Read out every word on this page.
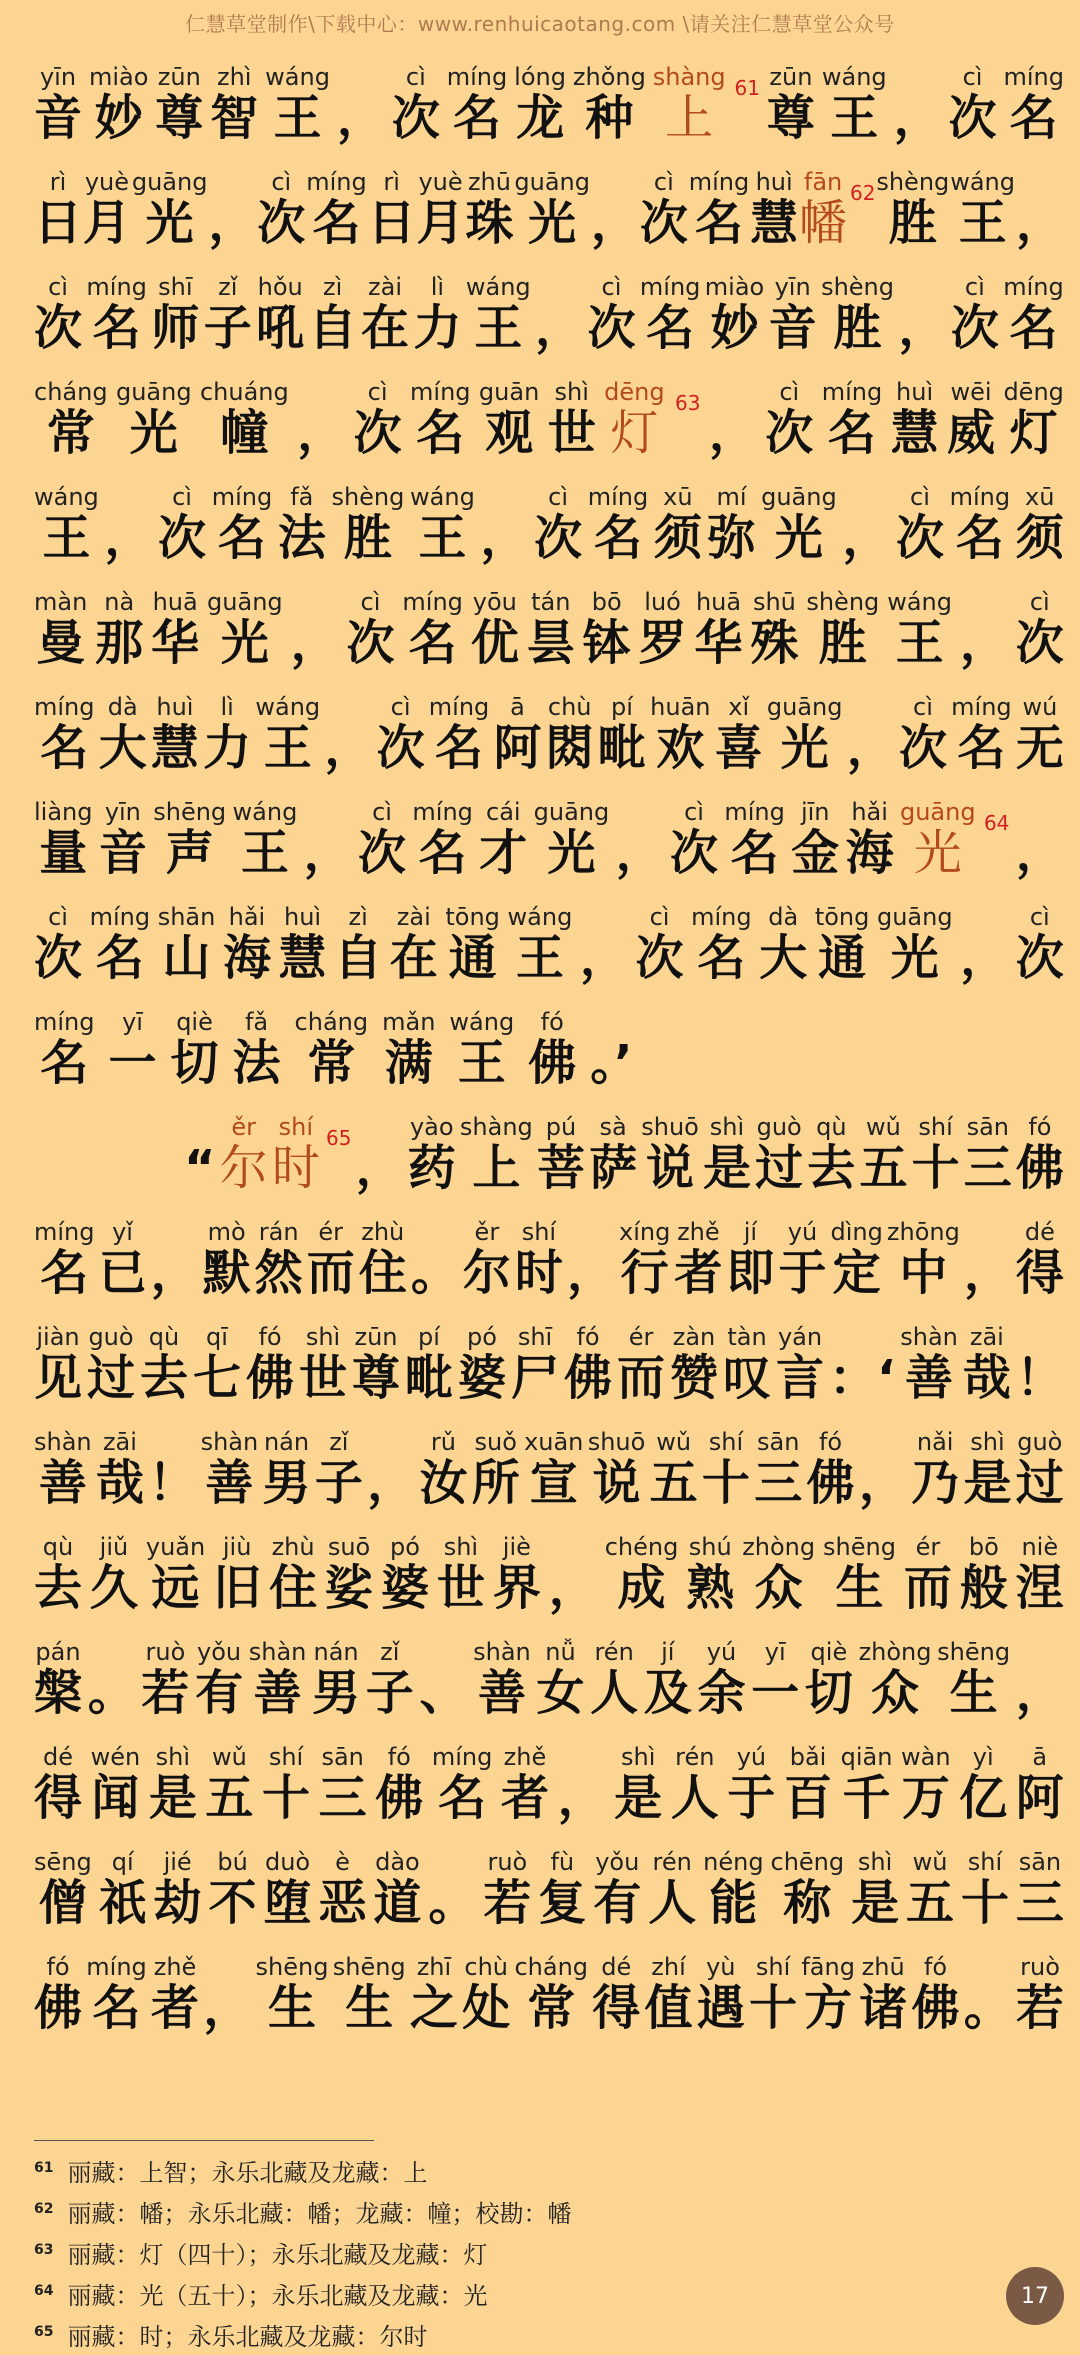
仁慧草堂制作\下载中心：www.renhuicaotang.com \请关注仁慧草堂公众号
音yīn
妙miào
尊zūn
智zhì
王wáng
， 次cì
名míng
龙lóng
种zhǒng
上shàng 61
尊zūn
王wáng
， 次cì
名míng
日rì
月yuè
光guāng
， 次cì
名míng
日rì
月yuè
珠zhū
光guāng
， 次cì
名míng
慧huì
幡fān 62
胜shèng
王wáng
，
次cì
名míng
师shī
子zǐ
吼hǒu
自zì
在zài
力lì
王wáng
， 次cì
名míng
妙miào
音yīn
胜shèng
， 次cì
名míng
常cháng
光guāng
幢chuáng
， 次cì
名míng
观guān
世shì
灯dēng 63
， 次cì
名míng
慧huì
威wēi
灯dēng
王wáng
， 次cì
名míng
法fǎ
胜shèng
王wáng
， 次cì
名míng
须xū
弥mí
光guāng
， 次cì
名míng
须xū
曼màn
那nà
华huā
光guāng
， 次cì
名míng
优yōu
昙tán
钵bō
罗luó
华huā
殊shū
胜shèng
王wáng
， 次cì
名míng
大dà
慧huì
力lì
王wáng
， 次cì
名míng
阿ā
閦chù
毗pí
欢huān
喜xǐ
光guāng
， 次cì
名míng
无wú
量liàng
音yīn
声shēng
王wáng
， 次cì
名míng
才cái
光guāng
， 次cì
名míng
金jīn
海hǎi
光guāng 64
，
次cì
名míng
山shān
海hǎi
慧huì
自zì
在zài
通tōng
王wáng
， 次cì
名míng
大dà
通tōng
光guāng
， 次cì
名míng
一yī
切qiè
法fǎ
常cháng
满mǎn
王wáng
佛fó
。’
“ 尔ěr
时shí 65
， 药yào
上shàng
菩pú
萨sà
说shuō
是shì
过guò
去qù
五wǔ
十shí
三sān
佛fó
名míng
已yǐ
， 默mò
然rán
而ér
住zhù
。 尔ěr
时shí
， 行xíng
者zhě
即jí
于yú
定dìng
中zhōng
， 得dé
见jiàn
过guò
去qù
七qī
佛fó
世shì
尊zūn
毗pí
婆pó
尸shī
佛fó
而ér
赞zàn
叹tàn
言yán
：‘ 善shàn
哉zāi
！
善shàn
哉zāi
！ 善shàn
男nán
子zǐ
， 汝rǔ
所suǒ
宣xuān
说shuō
五wǔ
十shí
三sān
佛fó
， 乃nǎi
是shì
过guò
去qù
久jiǔ
远yuǎn
旧jiù
住zhù
娑suō
婆pó
世shì
界jiè
， 成chéng
熟shú
众zhòng
生shēng
而ér
般bō
涅niè
槃pán
。 若ruò
有yǒu
善shàn
男nán
子zǐ
、 善shàn
女nǚ
人rén
及jí
余yú
一yī
切qiè
众zhòng
生shēng
，
得dé
闻wén
是shì
五wǔ
十shí
三sān
佛fó
名míng
者zhě
， 是shì
人rén
于yú
百bǎi
千qiān
万wàn
亿yì
阿ā
僧sēng
祇qí
劫jié
不bú
堕duò
恶è
道dào
。 若ruò
复fù
有yǒu
人rén
能néng
称chēng
是shì
五wǔ
十shí
三sān
佛fó
名míng
者zhě
， 生shēng
生shēng
之zhī
处chù
常cháng
得dé
值zhí
遇yù
十shí
方fāng
诸zhū
佛fó
。 若ruò
$^{61}$ 丽藏：上智；永乐北藏及龙藏：上
$^{62}$ 丽藏：幡；永乐北藏：幡；龙藏：幢；校勘：幡
$^{63}$ 丽藏：灯（四十）；永乐北藏及龙藏：灯
$^{64}$ 丽藏：光（五十）；永乐北藏及龙藏：光
$^{65}$ 丽藏：时；永乐北藏及龙藏：尔时
17
